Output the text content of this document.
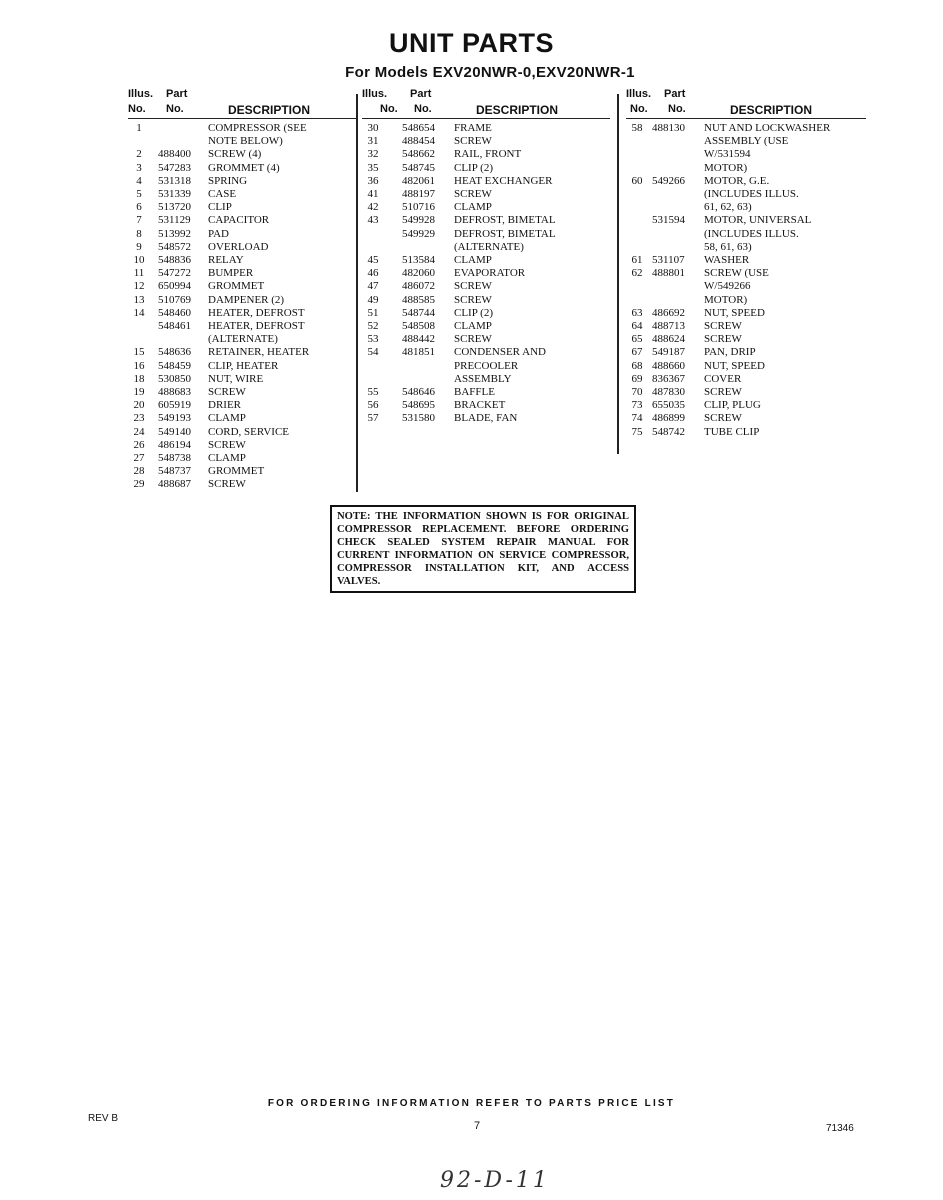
UNIT PARTS
For Models EXV20NWR-0,EXV20NWR-1
Illus. Part
No. No.	DESCRIPTION
1	COMPRESSOR (SEE
NOTE BELOW)
2	488400 SCREW (4)
3	547283 GROMMET (4)
4	531318 SPRING
5	531339 CASE
6	513720 CLIP
7	531129 CAPACITOR
8	513992 PAD
9	548572 OVERLOAD
10	548836 RELAY
11	547272 BUMPER
12	650994 GROMMET
13	510769 DAMPENER (2)
14	548460 HEATER, DEFROST
548461 HEATER, DEFROST
(ALTERNATE)
15	548636 RETAINER, HEATER
16	548459 CLIP, HEATER
18	530850 NUT, WIRE
19	488683 SCREW
20	605919 DRIER
23	549193 CLAMP
24	549140 CORD, SERVICE
26	486194 SCREW
27	548738 CLAMP
28	548737 GROMMET
29	488687 SCREW
Illus. Part
No. No.	DESCRIPTION
30	548654 FRAME
31	488454 SCREW
32	548662 RAIL, FRONT
35	548745 CLIP (2)
36	482061 HEAT EXCHANGER
41	488197 SCREW
42	510716 CLAMP
43	549928 DEFROST, BIMETAL
549929 DEFROST, BIMETAL
(ALTERNATE)
45	513584 CLAMP
46	482060 EVAPORATOR
47	486072 SCREW
49	488585 SCREW
51	548744 CLIP (2)
52	548508 CLAMP
53	488442 SCREW
54	481851 CONDENSER AND
PRECOOLER
ASSEMBLY
55	548646 BAFFLE
56	548695 BRACKET
57	531580 BLADE, FAN
Illus. Part
No. No.	DESCRIPTION
58 488130 NUT AND LOCKWASHER
ASSEMBLY (USE
W/531594
MOTOR)
60 549266 MOTOR, G.E.
(INCLUDES ILLUS.
61, 62, 63)
531594 MOTOR, UNIVERSAL
(INCLUDES ILLUS.
58, 61, 63)
61 531107 WASHER
62 488801 SCREW (USE
W/549266
MOTOR)
63 486692 NUT, SPEED
64 488713 SCREW
65 488624 SCREW
67 549187 PAN, DRIP
68 488660 NUT, SPEED
69 836367 COVER
70 487830 SCREW
73 655035 CLIP, PLUG
74 486899 SCREW
75 548742 TUBE CLIP
NOTE: THE INFORMATION SHOWN IS FOR ORIGINAL COMPRESSOR REPLACEMENT. BEFORE ORDERING CHECK SEALED SYSTEM REPAIR MANUAL FOR CURRENT INFORMATION ON SERVICE COMPRESSOR, COMPRESSOR INSTALLATION KIT, AND ACCESS VALVES.
FOR ORDERING INFORMATION REFER TO PARTS PRICE LIST
REV B
7	71346
92-D-11
